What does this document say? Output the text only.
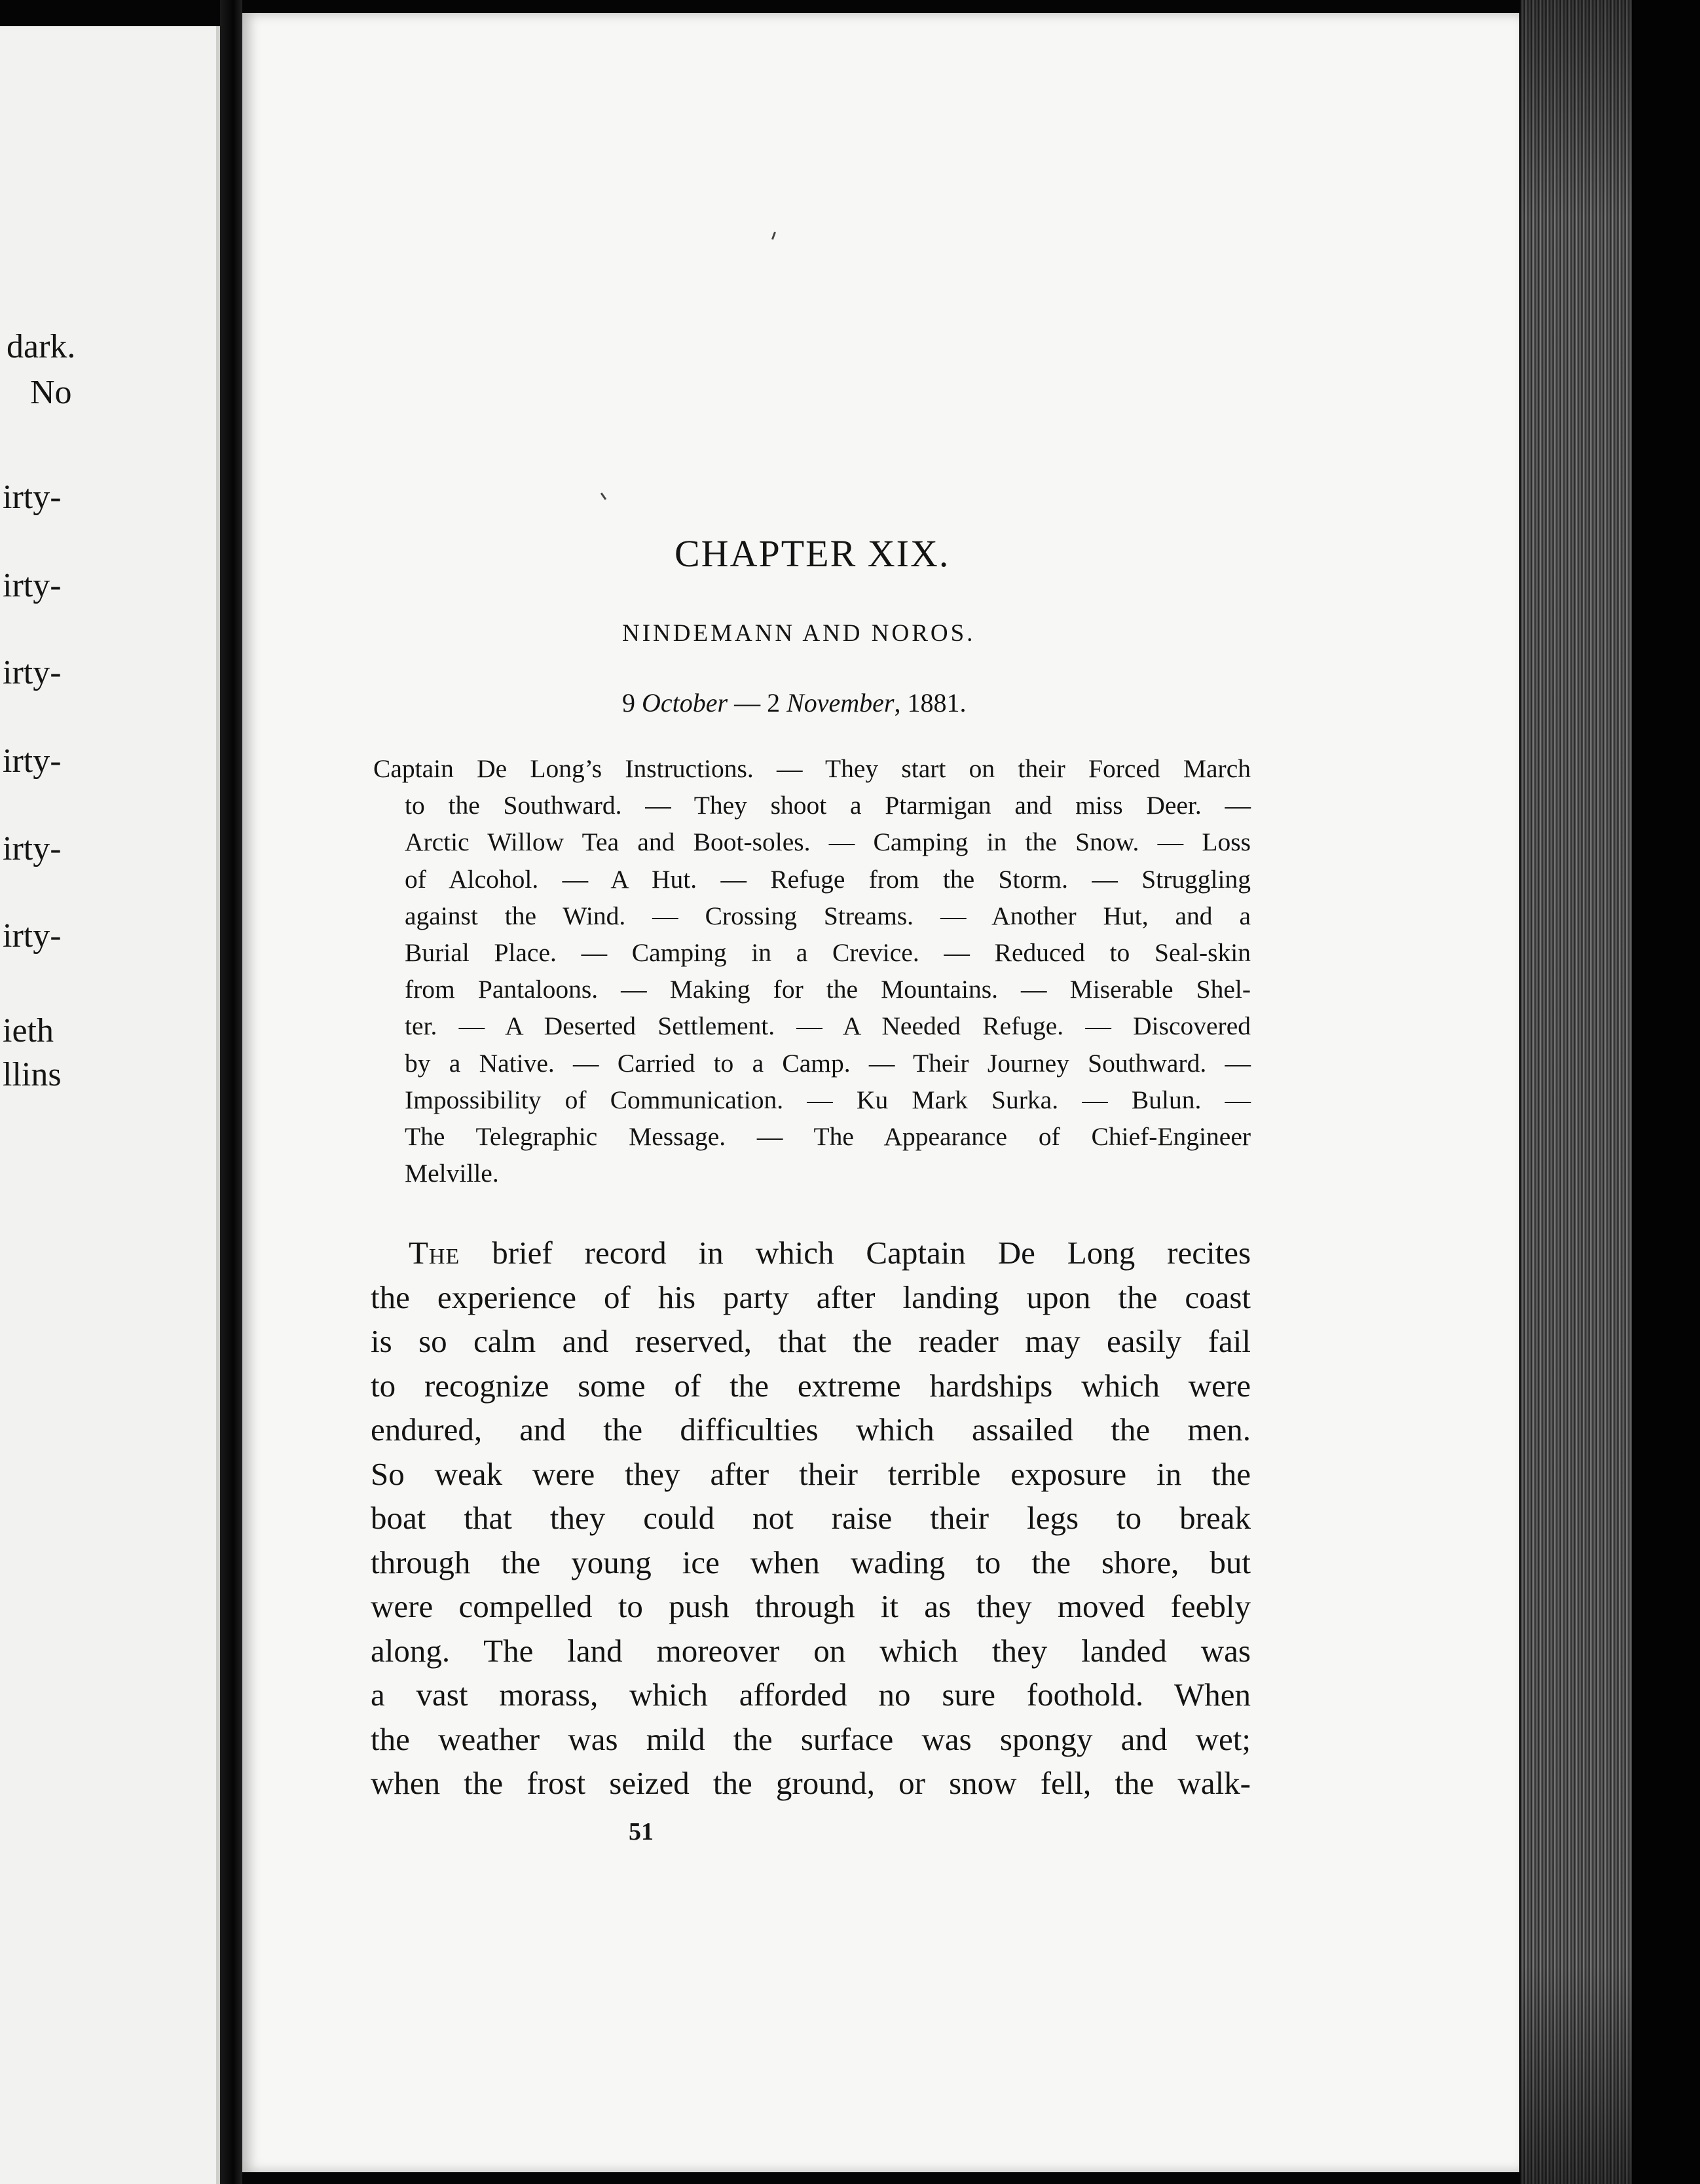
dark.
No
irty-
irty-
irty-
irty-
irty-
irty-
ieth
llins
CHAPTER XIX.
NINDEMANN AND NOROS.
9 October — 2 November, 1881.
Captain De Long’s Instructions. — They start on their Forced March
to the Southward. — They shoot a Ptarmigan and miss Deer. —
Arctic Willow Tea and Boot-soles. — Camping in the Snow. — Loss
of Alcohol. — A Hut. — Refuge from the Storm. — Struggling
against the Wind. — Crossing Streams. — Another Hut, and a
Burial Place. — Camping in a Crevice. — Reduced to Seal-skin
from Pantaloons. — Making for the Mountains. — Miserable Shel-
ter. — A Deserted Settlement. — A Needed Refuge. — Discovered
by a Native. — Carried to a Camp. — Their Journey Southward. —
Impossibility of Communication. — Ku Mark Surka. — Bulun. —
The Telegraphic Message. — The Appearance of Chief-Engineer
Melville.
The brief record in which Captain De Long recites
the experience of his party after landing upon the coast
is so calm and reserved, that the reader may easily fail
to recognize some of the extreme hardships which were
endured, and the difficulties which assailed the men.
So weak were they after their terrible exposure in the
boat that they could not raise their legs to break
through the young ice when wading to the shore, but
were compelled to push through it as they moved feebly
along. The land moreover on which they landed was
a vast morass, which afforded no sure foothold. When
the weather was mild the surface was spongy and wet;
when the frost seized the ground, or snow fell, the walk-
51
